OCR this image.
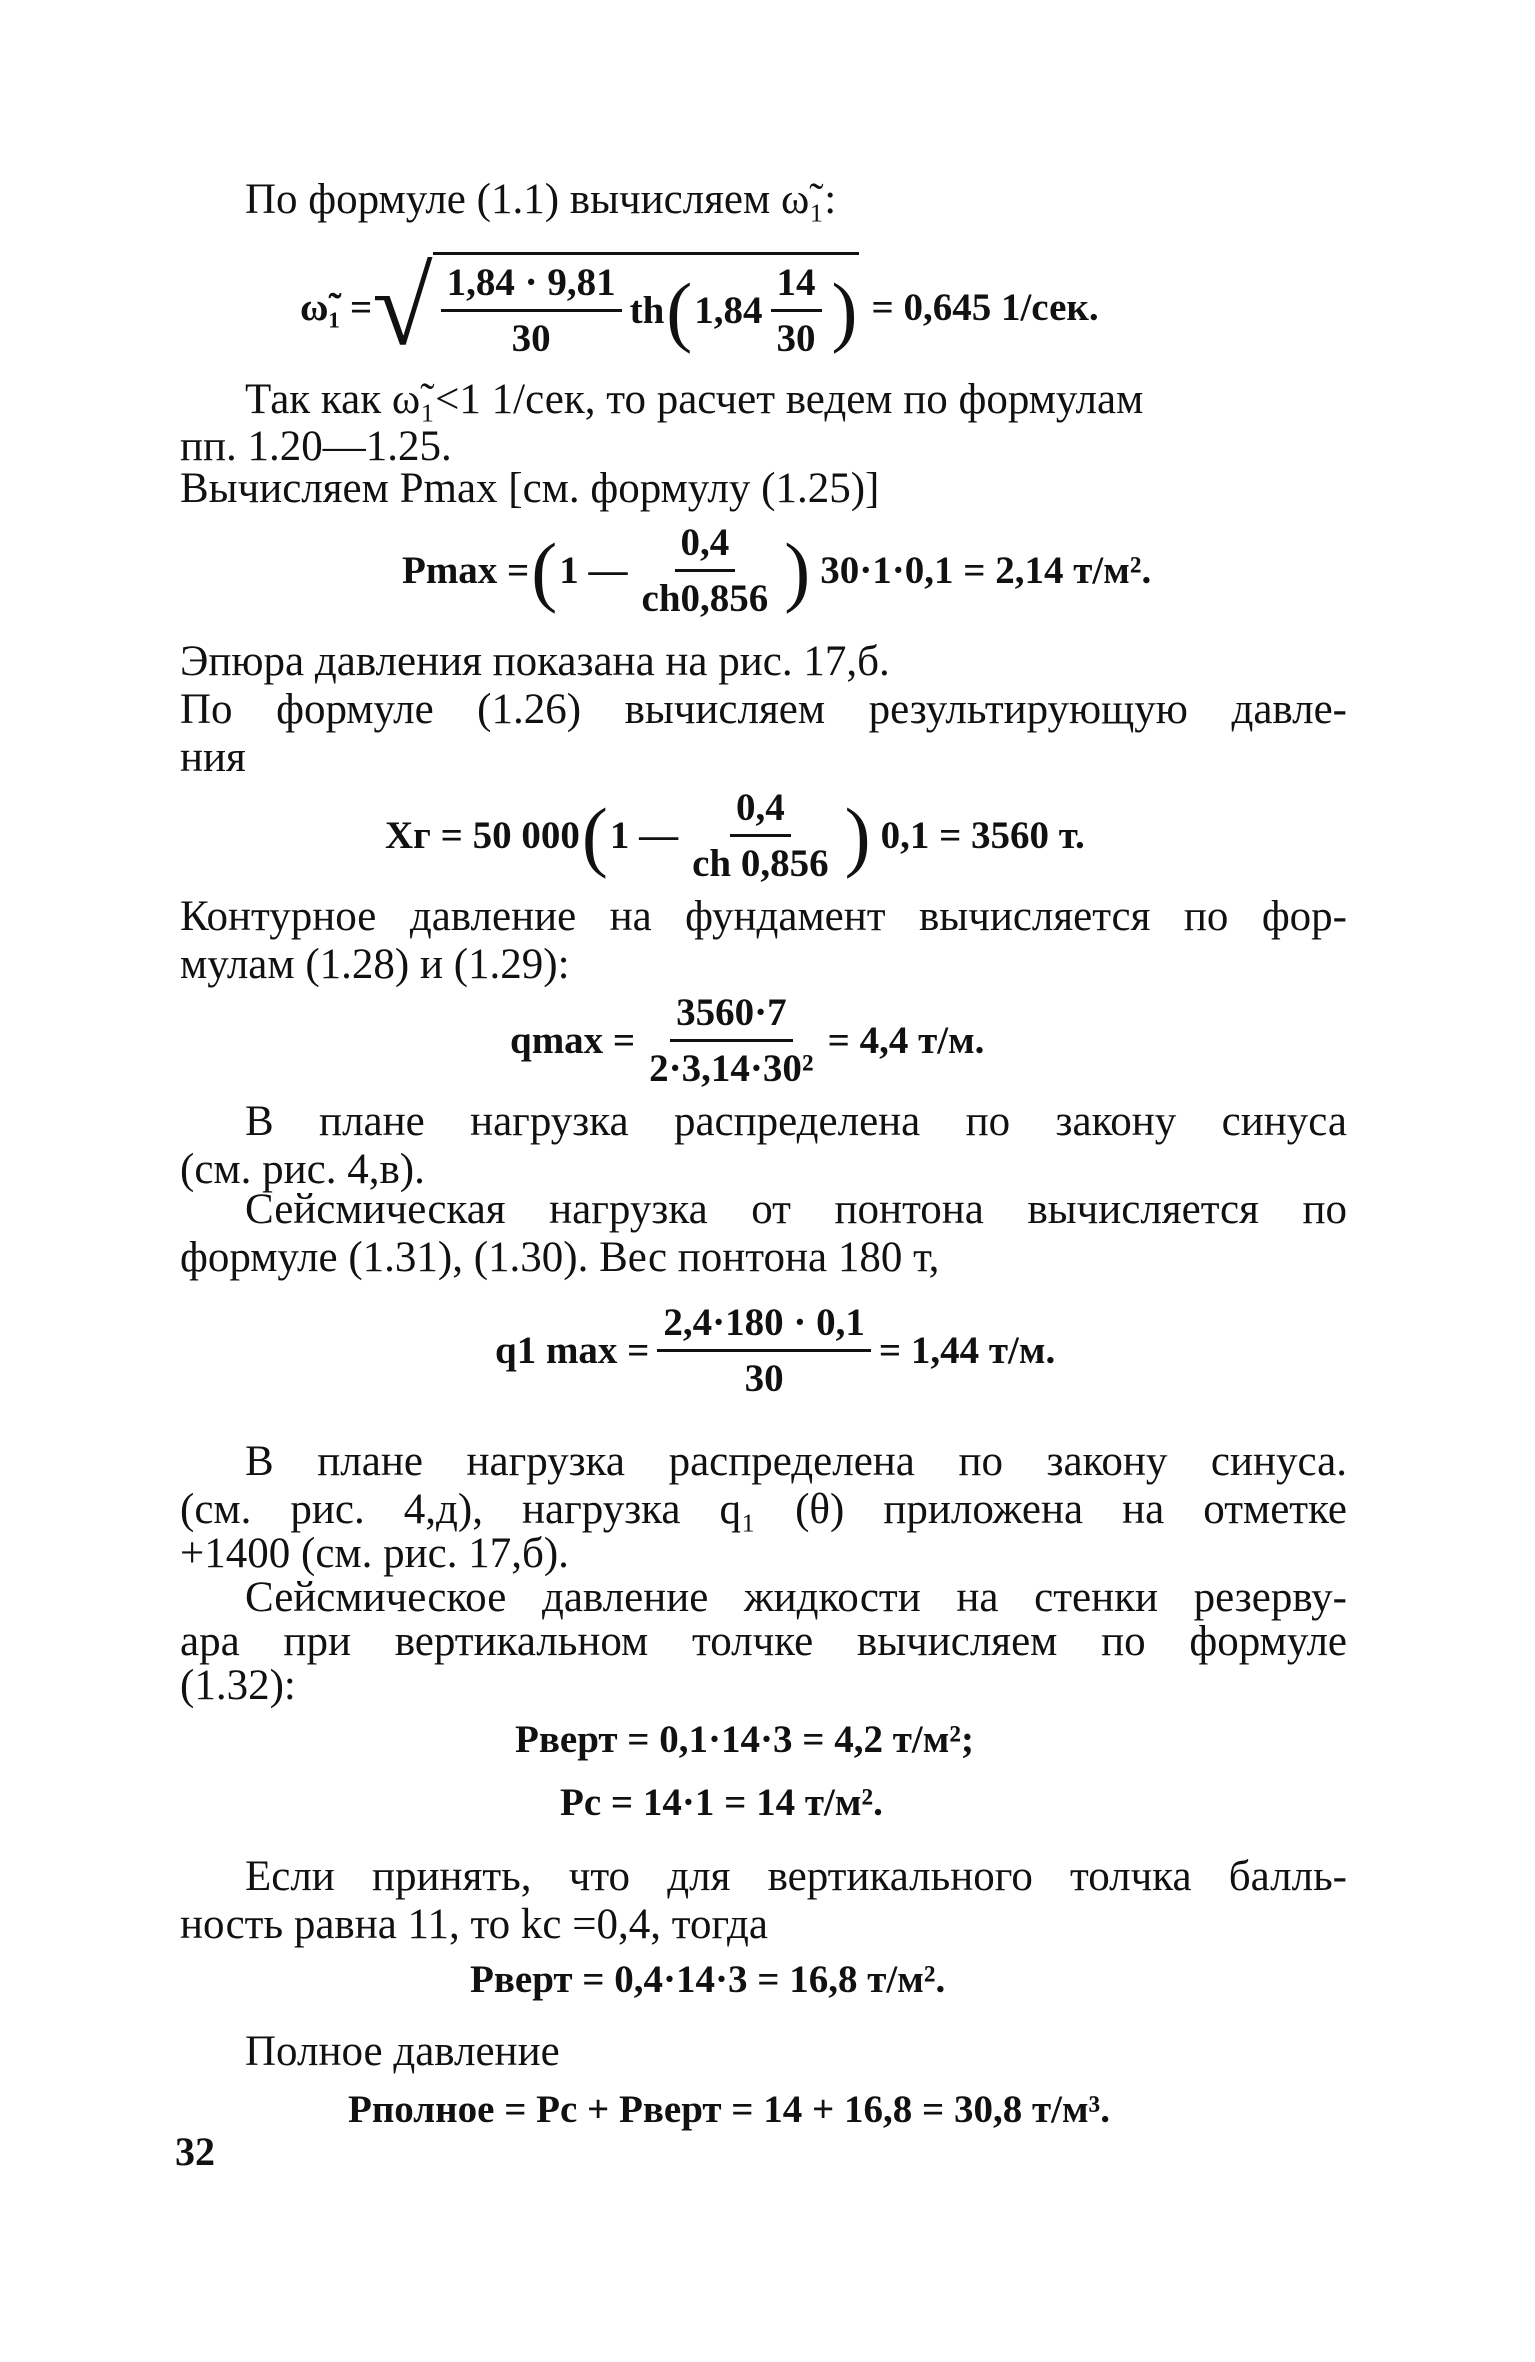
По формуле (1.1) вычисляем ω̃₁:
ω̃₁ = √ $\frac{1,84 \cdot 9,81}{30}$ th ( $1,84 \frac{14}{30}$ ) = 0,645 1/сек.
Так как ω̃₁<1 1/сек, то расчет ведем по формулам
пп. 1.20—1.25.
Вычисляем Pmax [см. формулу (1.25)]
Pmax = ( 1 — $\frac{0,4}{ch0,856}$ ) 30·1·0,1 = 2,14 т/м².
Эпюра давления показана на рис. 17,б.
По формуле (1.26) вычисляем результирующую давле-
ния
Xг = 50 000 ( 1 — $\frac{0,4}{ch 0,856}$ ) 0,1 = 3560 т.
Контурное давление на фундамент вычисляется по фор-
мулам (1.28) и (1.29):
$qmax = \frac{3560\cdot 7}{\text{2·3,14·30²}} = 4,4$ т/м.
В плане нагрузка распределена по закону синуса
(см. рис. 4,в).
Сейсмическая нагрузка от понтона вычисляется по
формуле (1.31), (1.30). Вес понтона 180 т,
q1 $\max = \frac{2,4\cdot 180 \cdot 0,1}{30} = 1,44$ т/м.
В плане нагрузка распределена по закону синуса.
(см. рис. 4,д), нагрузка q₁ (θ) приложена на отметке
+1400 (см. рис. 17,б).
Сейсмическое давление жидкости на стенки резерву-
ара при вертикальном толчке вычисляем по формуле
(1.32):
Pверт = 0,1·14·3 = 4,2 т/м²;
Pс = 14·1 = 14 т/м².
Если принять, что для вертикального толчка балль-
ность равна 11, то kс =0,4, тогда
Pверт = 0,4·14·3 = 16,8 т/м².
Полное давление
Pполное = Pс + Pверт = 14 + 16,8 = 30,8 т/м³.
32
